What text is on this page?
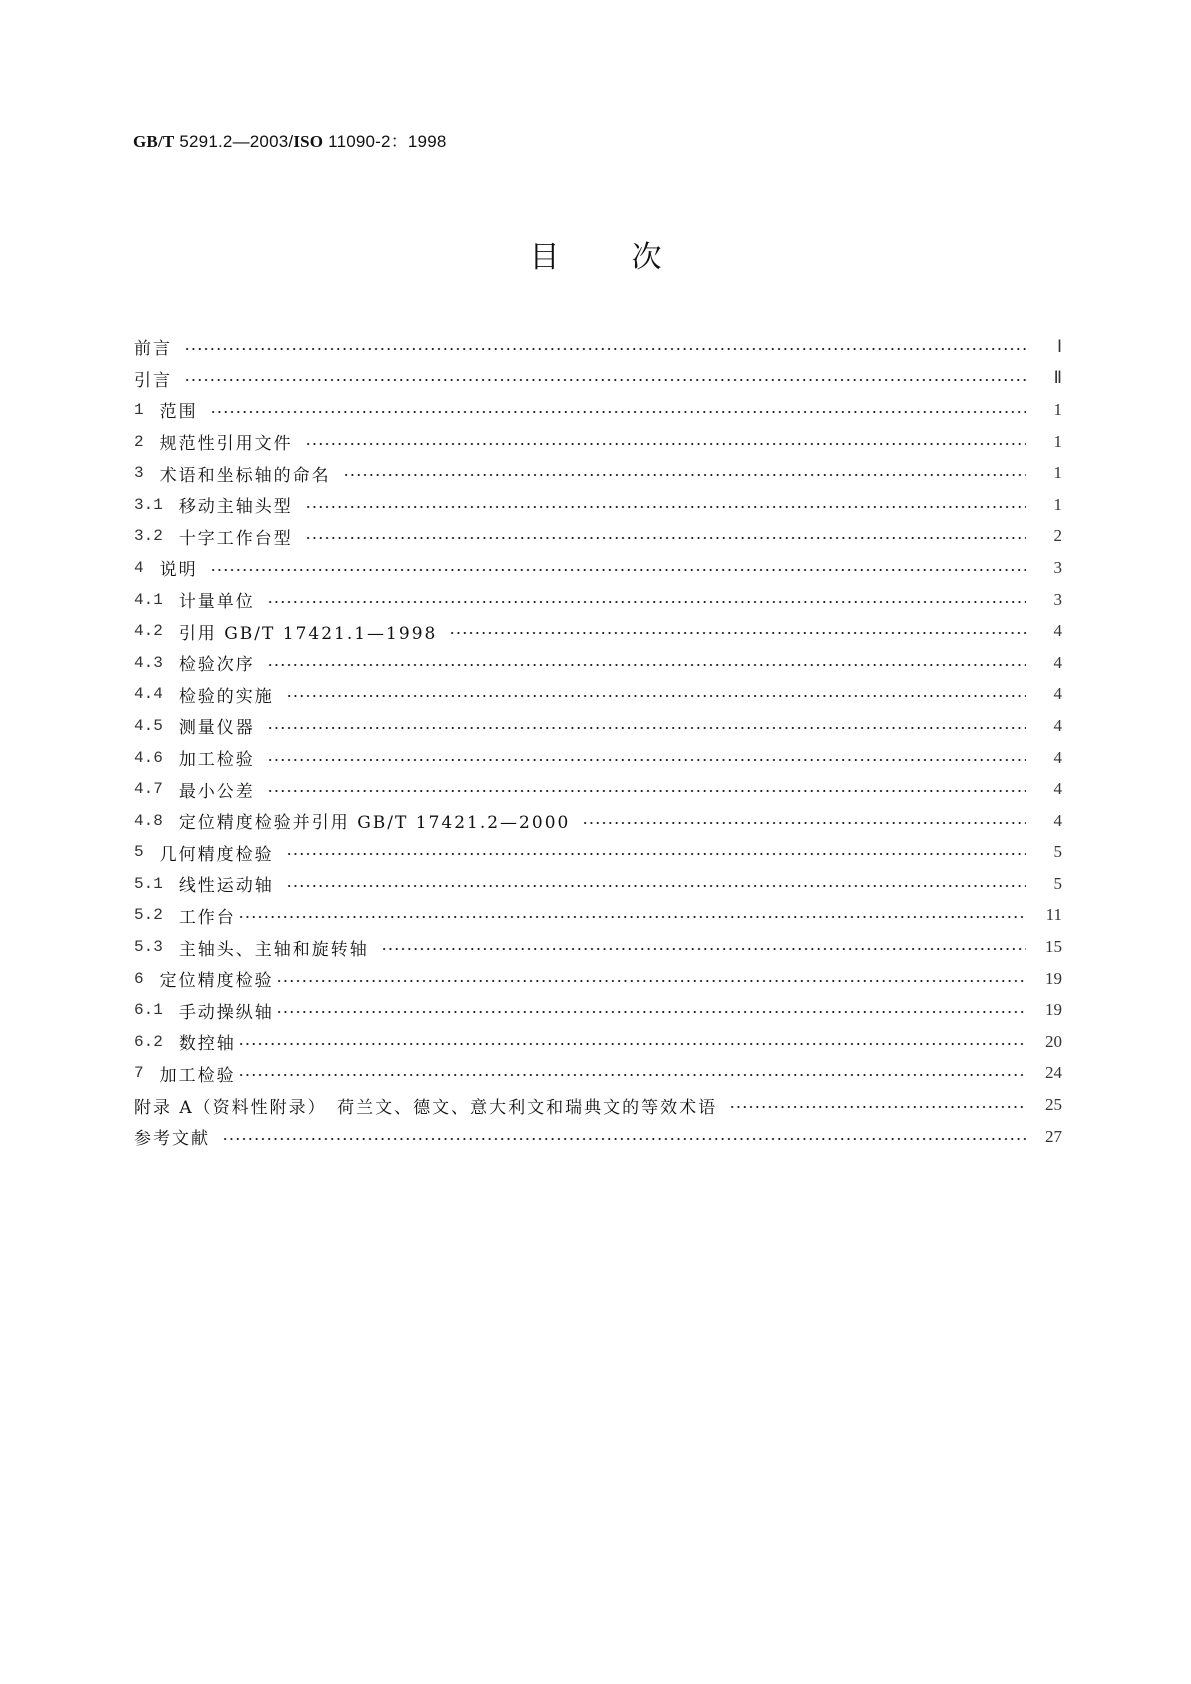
GB/T 5291.2—2003/ISO 11090-2：1998
目 次
前言	Ⅰ
引言	Ⅱ
1 范围	1
2 规范性引用文件	1
3 术语和坐标轴的命名	1
3.1 移动主轴头型	1
3.2 十字工作台型	2
4 说明	3
4.1 计量单位	3
4.2 引用 GB/T 17421.1—1998	4
4.3 检验次序	4
4.4 检验的实施	4
4.5 测量仪器	4
4.6 加工检验	4
4.7 最小公差	4
4.8 定位精度检验并引用 GB/T 17421.2—2000	4
5 几何精度检验	5
5.1 线性运动轴	5
5.2 工作台	11
5.3 主轴头、主轴和旋转轴	15
6 定位精度检验	19
6.1 手动操纵轴	19
6.2 数控轴	20
7 加工检验	24
附录 A（资料性附录）　荷兰文、德文、意大利文和瑞典文的等效术语	25
参考文献	27
